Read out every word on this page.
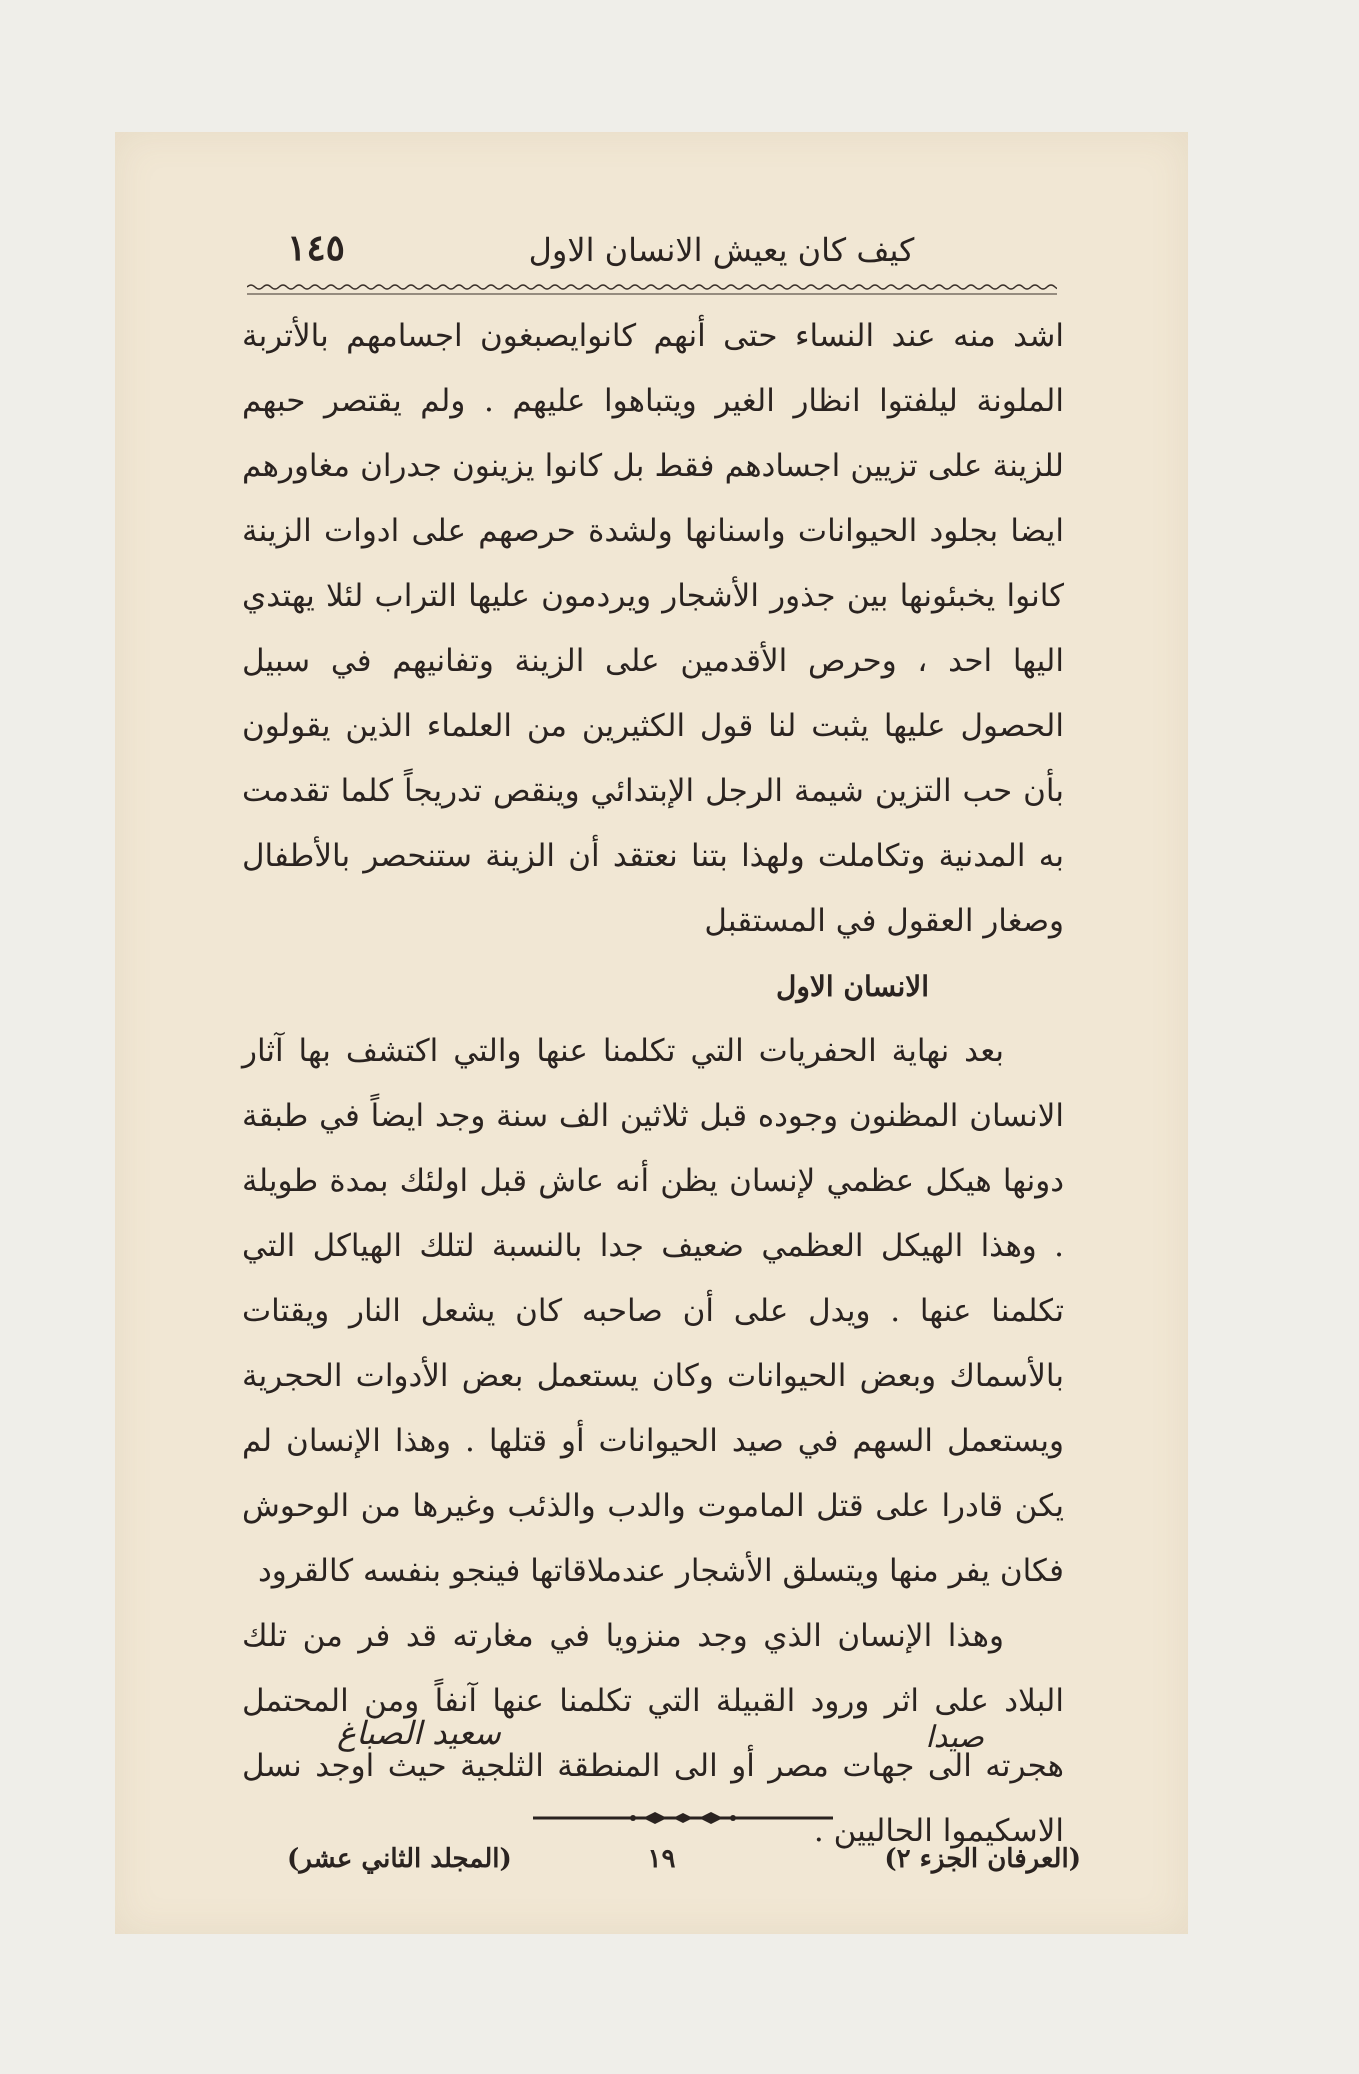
١٤٥	كيف كان يعيش الانسان الاول

اشد منه عند النساء حتى أنهم كانوايصبغون اجسامهم بالأتربة الملونة ليلفتوا انظار الغير ويتباهوا عليهم . ولم يقتصر حبهم للزينة على تزيين اجسادهم فقط بل كانوا يزينون جدران مغاورهم ايضا بجلود الحيوانات واسنانها ولشدة حرصهم على ادوات الزينة كانوا يخبئونها بين جذور الأشجار ويردمون عليها التراب لئلا يهتدي اليها احد ، وحرص الأقدمين على الزينة وتفانيهم في سبيل الحصول عليها يثبت لنا قول الكثيرين من العلماء الذين يقولون بأن حب التزين شيمة الرجل الإبتدائي وينقص تدريجاً كلما تقدمت به المدنية وتكاملت ولهذا بتنا نعتقد أن الزينة ستنحصر بالأطفال وصغار العقول في المستقبل

الانسان الاول

بعد نهاية الحفريات التي تكلمنا عنها والتي اكتشف بها آثار الانسان المظنون وجوده قبل ثلاثين الف سنة وجد ايضاً في طبقة دونها هيكل عظمي لإنسان يظن أنه عاش قبل اولئك بمدة طويلة . وهذا الهيكل العظمي ضعيف جدا بالنسبة لتلك الهياكل التي تكلمنا عنها . ويدل على أن صاحبه كان يشعل النار ويقتات بالأسماك وبعض الحيوانات وكان يستعمل بعض الأدوات الحجرية ويستعمل السهم في صيد الحيوانات أو قتلها . وهذا الإنسان لم يكن قادرا على قتل الماموت والدب والذئب وغيرها من الوحوش فكان يفر منها ويتسلق الأشجار عندملاقاتها فينجو بنفسه كالقرود

وهذا الإنسان الذي وجد منزويا في مغارته قد فر من تلك البلاد على اثر ورود القبيلة التي تكلمنا عنها آنفاً ومن المحتمل هجرته الى جهات مصر أو الى المنطقة الثلجية حيث اوجد نسل الاسكيموا الحاليين .

صيدا
سعيد الصباغ
(المجلد الثاني عشر)	١٩	(العرفان الجزء ٢)
